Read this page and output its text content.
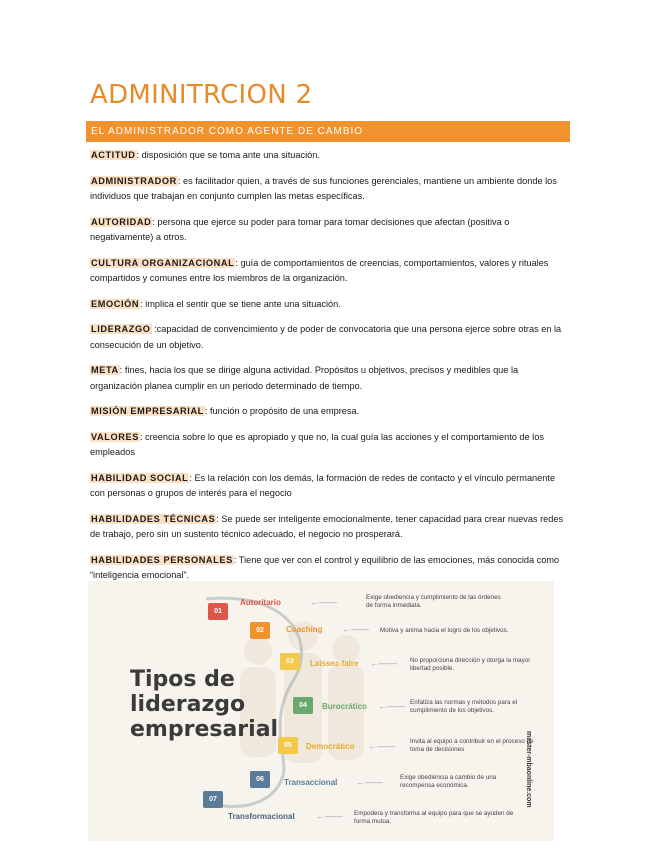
ADMINITRCION 2
EL ADMINISTRADOR COMO AGENTE DE CAMBIO
ACTITUD: disposición que se toma ante una situación.
ADMINISTRADOR: es facilitador quien, a través de sus funciones gerenciales, mantiene un ambiente donde los individuos que trabajan en conjunto cumplen las metas específicas.
AUTORIDAD: persona que ejerce su poder para tomar para tomar decisiones que afectan (positiva o negativamente) a otros.
CULTURA ORGANIZACIONAL: guía de comportamientos de creencias, comportamientos, valores y rituales compartidos y comunes entre los miembros de la organización.
EMOCIÓN: implica el sentir que se tiene ante una situación.
LIDERAZGO :capacidad de convencimiento y de poder de convocatoria que una persona ejerce sobre otras en la consecución de un objetivo.
META: fines, hacia los que se dirige alguna actividad. Propósitos u objetivos, precisos y medibles que la organización planea cumplir en un periodo determinado de tiempo.
MISIÓN EMPRESARIAL: función o propósito de una empresa.
VALORES: creencia sobre lo que es apropiado y que no, la cual guía las acciones y el comportamiento de los empleados
HABILIDAD SOCIAL: Es la relación con los demás, la formación de redes de contacto y el vínculo permanente con personas o grupos de interés para el negocio
HABILIDADES TÉCNICAS: Se puede ser inteligente emocionalmente, tener capacidad para crear nuevas redes de trabajo, pero sin un sustento técnico adecuado, el negocio no prosperará.
HABILIDADES PERSONALES: Tiene que ver con el control y equilibrio de las emociones, más conocida como “inteligencia emocional”.
Tipos de
liderazgo
empresarial
01
Autoritario	←——	Exige obediencia y cumplimiento de las órdenes de forma inmediata.
02	Coaching ←—— Motiva y anima hacia el logro de los objetivos.
03	Laissez-faire ←—— No proporciona dirección y otorga la mayor libertad posible.
04	Burocrático ←—— Enfatiza las normas y métodos para el cumplimiento de los objetivos.
05	Democrático ←—— Invita al equipo a contribuir en el proceso de toma de decisiones
06	Transaccional ←——	Exige obediencia a cambio de una recompensa económica.
07
Transformacional ←—— Empodera y transforma al equipo para que se ayuden de forma mutua.
master-mbaonline.com
